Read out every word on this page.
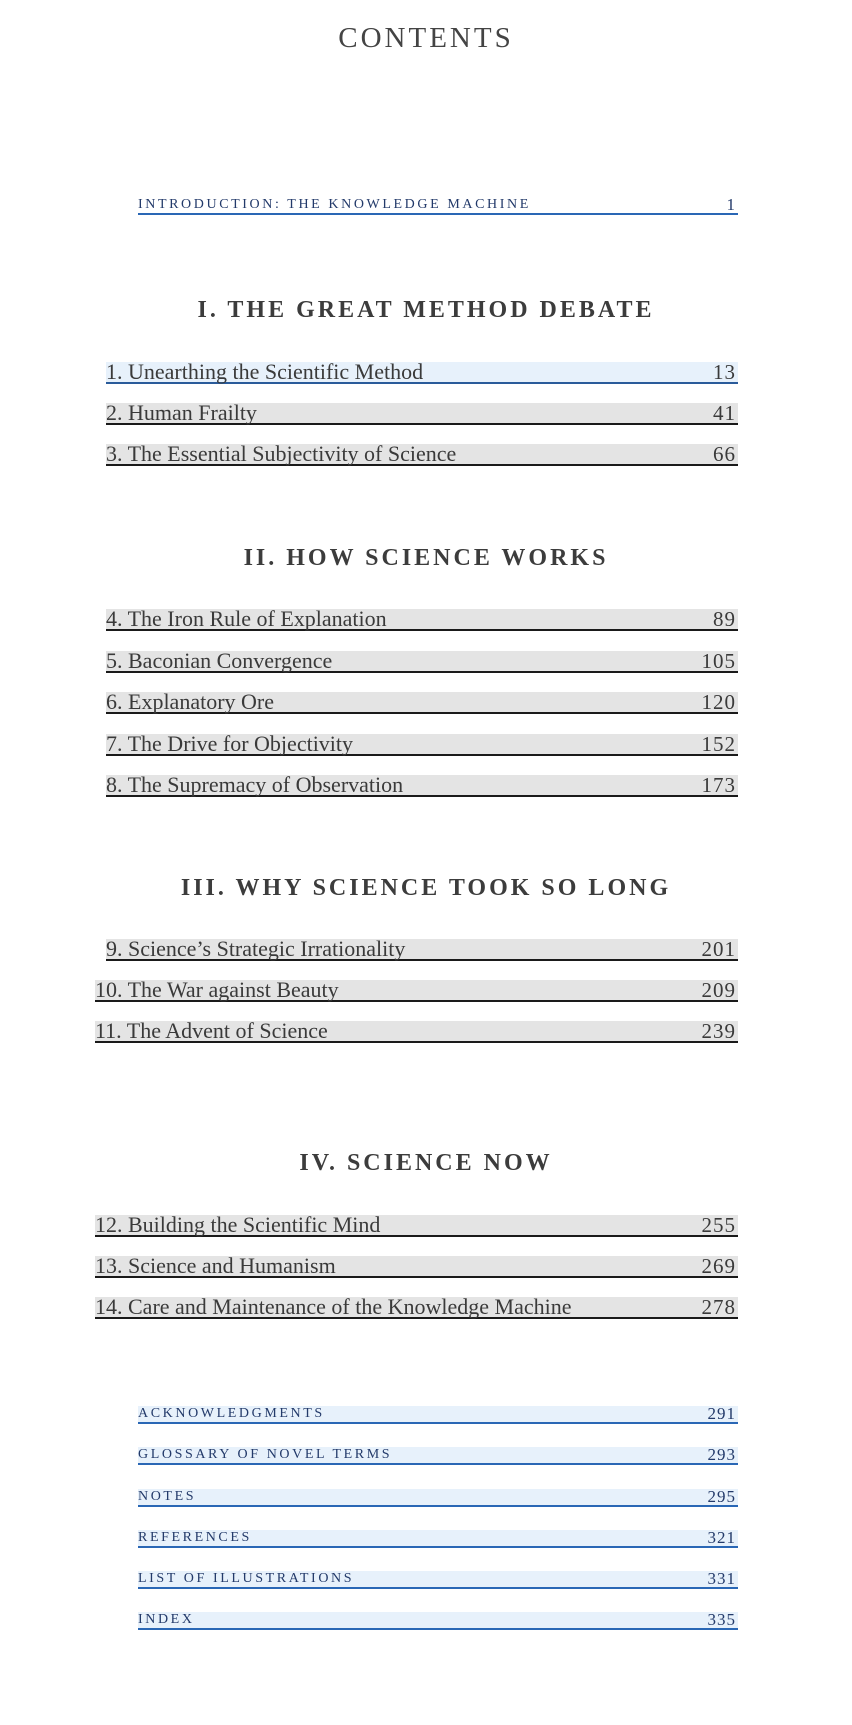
CONTENTS
INTRODUCTION: THE KNOWLEDGE MACHINE	1
I. THE GREAT METHOD DEBATE
1. Unearthing the Scientific Method	13
2. Human Frailty	41
3. The Essential Subjectivity of Science	66
II. HOW SCIENCE WORKS
4. The Iron Rule of Explanation	89
5. Baconian Convergence	105
6. Explanatory Ore	120
7. The Drive for Objectivity	152
8. The Supremacy of Observation	173
III. WHY SCIENCE TOOK SO LONG
9. Science’s Strategic Irrationality	201
10. The War against Beauty	209
11. The Advent of Science	239
IV. SCIENCE NOW
12. Building the Scientific Mind	255
13. Science and Humanism	269
14. Care and Maintenance of the Knowledge Machine	278
ACKNOWLEDGMENTS	291
GLOSSARY OF NOVEL TERMS	293
NOTES	295
REFERENCES	321
LIST OF ILLUSTRATIONS	331
INDEX	335
